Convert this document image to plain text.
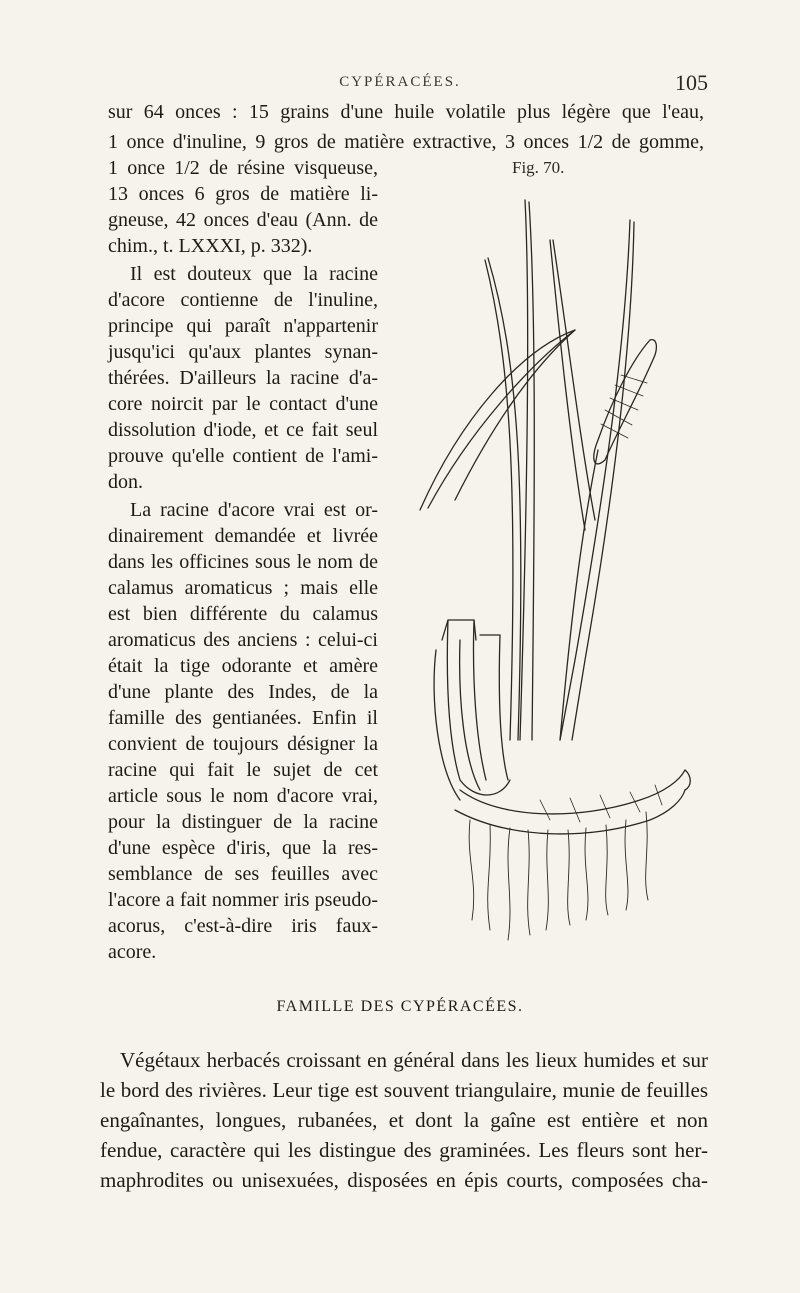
CYPÉRACÉES.	105
sur 64 onces : 15 grains d'une huile volatile plus légère que l'eau,
1 once d'inuline, 9 gros de matière extractive, 3 onces 1/2 de gomme,
Fig. 70.
1 once 1/2 de résine visqueuse,
13 onces 6 gros de matière li-
gneuse, 42 onces d'eau (Ann. de
chim., t. LXXXI, p. 332).
Il est douteux que la racine
d'acore contienne de l'inuline,
principe qui paraît n'appartenir
jusqu'ici qu'aux plantes synan-
thérées. D'ailleurs la racine d'a-
core noircit par le contact d'une
dissolution d'iode, et ce fait seul
prouve qu'elle contient de l'ami-
don.
La racine d'acore vrai est or-
dinairement demandée et livrée
dans les officines sous le nom de
calamus aromaticus ; mais elle
est bien différente du calamus
aromaticus des anciens : celui-ci
était la tige odorante et amère
d'une plante des Indes, de la
famille des gentianées. Enfin il
convient de toujours désigner la
racine qui fait le sujet de cet
article sous le nom d'acore vrai,
pour la distinguer de la racine
d'une espèce d'iris, que la res-
semblance de ses feuilles avec
l'acore a fait nommer iris pseudo-
acorus, c'est-à-dire iris faux-
acore.
FAMILLE DES CYPÉRACÉES.
Végétaux herbacés croissant en général dans les lieux humides et sur
le bord des rivières. Leur tige est souvent triangulaire, munie de feuilles
engaînantes, longues, rubanées, et dont la gaîne est entière et non
fendue, caractère qui les distingue des graminées. Les fleurs sont her-
maphrodites ou unisexuées, disposées en épis courts, composées cha-
